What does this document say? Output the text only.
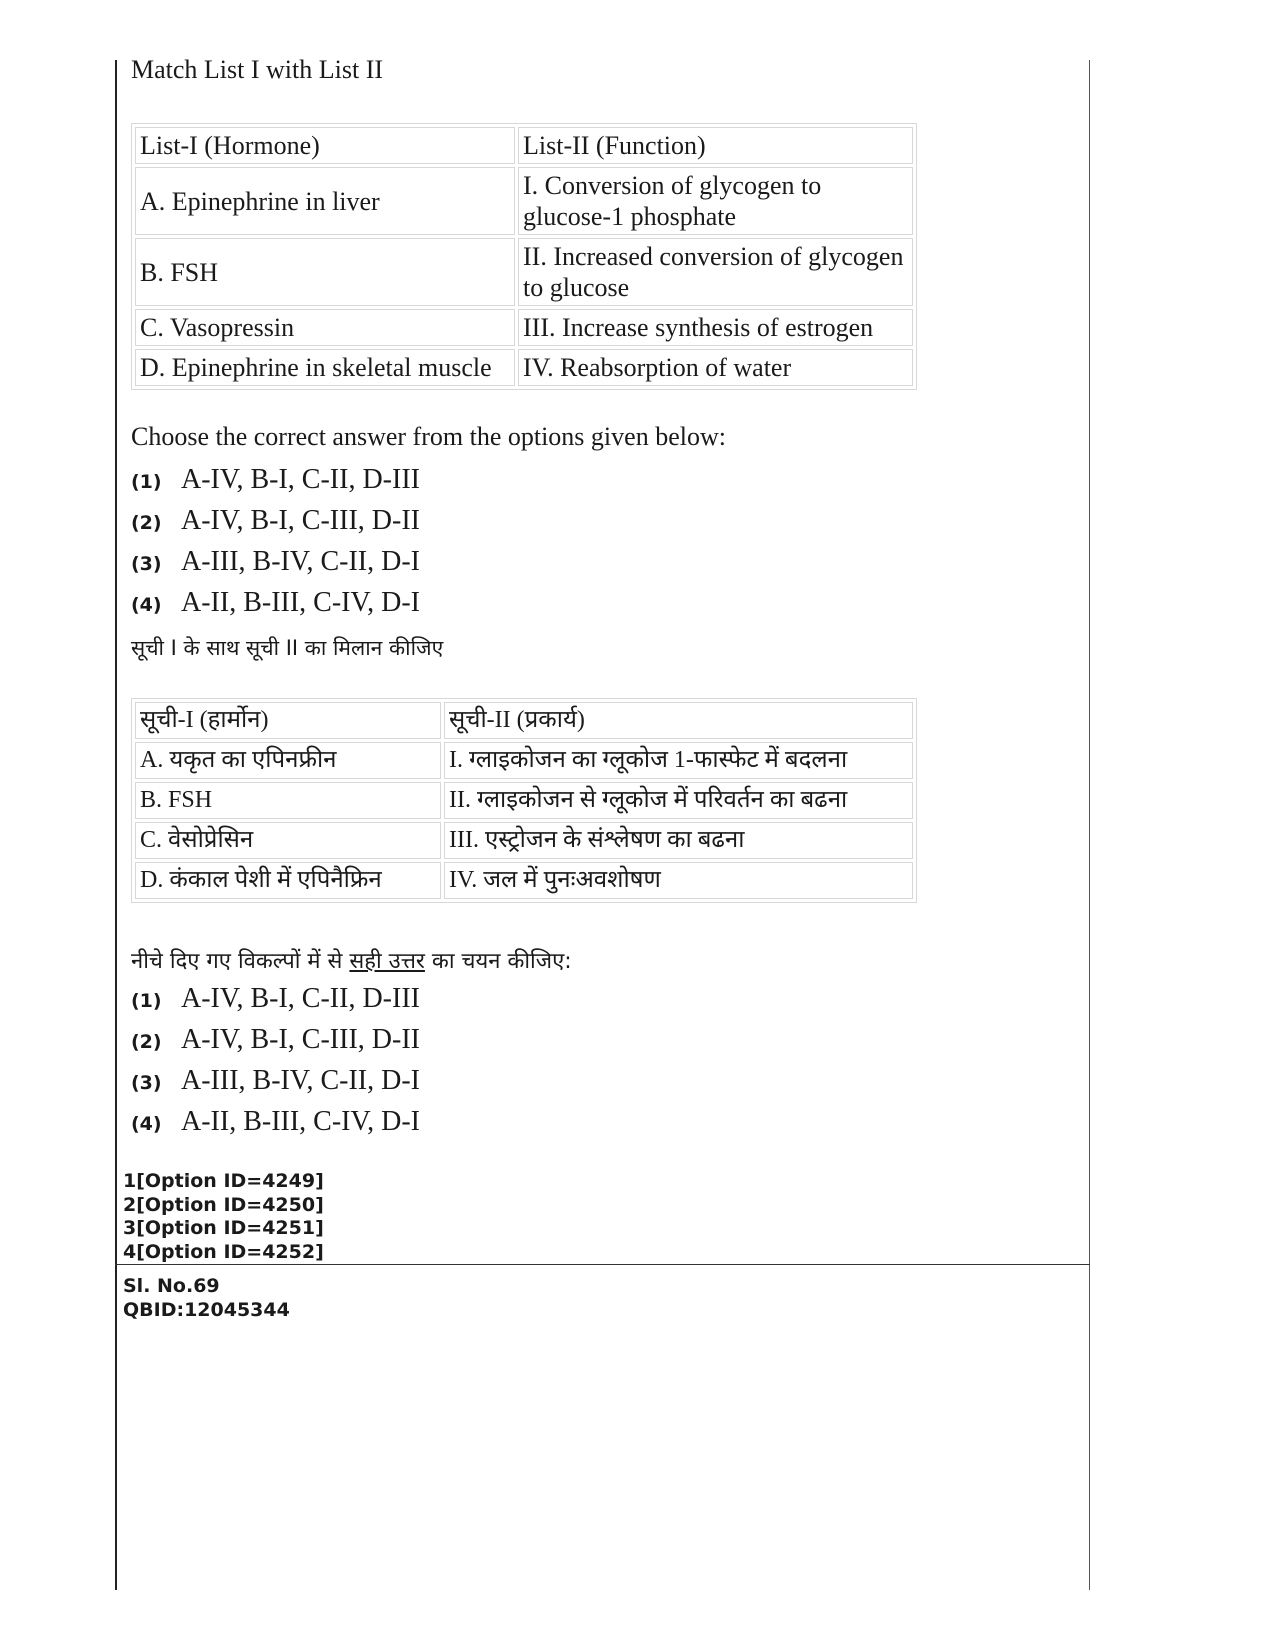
Match List I with List II
List-I (Hormone)	List-II (Function)
A. Epinephrine in liver	I. Conversion of glycogen to glucose-1 phosphate
B. FSH	II. Increased conversion of glycogen to glucose
C. Vasopressin	III. Increase synthesis of estrogen
D. Epinephrine in skeletal muscle	IV. Reabsorption of water
Choose the correct answer from the options given below:
(1) A-IV, B-I, C-II, D-III
(2) A-IV, B-I, C-III, D-II
(3) A-III, B-IV, C-II, D-I
(4) A-II, B-III, C-IV, D-I
सूची I के साथ सूची II का मिलान कीजिए
सूची-I (हार्मोन)	सूची-II (प्रकार्य)
A. यकृत का एपिनफ्रीन	I. ग्लाइकोजन का ग्लूकोज 1-फास्फेट में बदलना
B. FSH	II. ग्लाइकोजन से ग्लूकोज में परिवर्तन का बढना
C. वेसोप्रेसिन	III. एस्ट्रोजन के संश्लेषण का बढना
D. कंकाल पेशी में एपिनैफ्रिन	IV. जल में पुनःअवशोषण
नीचे दिए गए विकल्पों में से सही उत्तर का चयन कीजिए:
(1) A-IV, B-I, C-II, D-III
(2) A-IV, B-I, C-III, D-II
(3) A-III, B-IV, C-II, D-I
(4) A-II, B-III, C-IV, D-I
1[Option ID=4249]
2[Option ID=4250]
3[Option ID=4251]
4[Option ID=4252]
Sl. No.69
QBID:12045344
